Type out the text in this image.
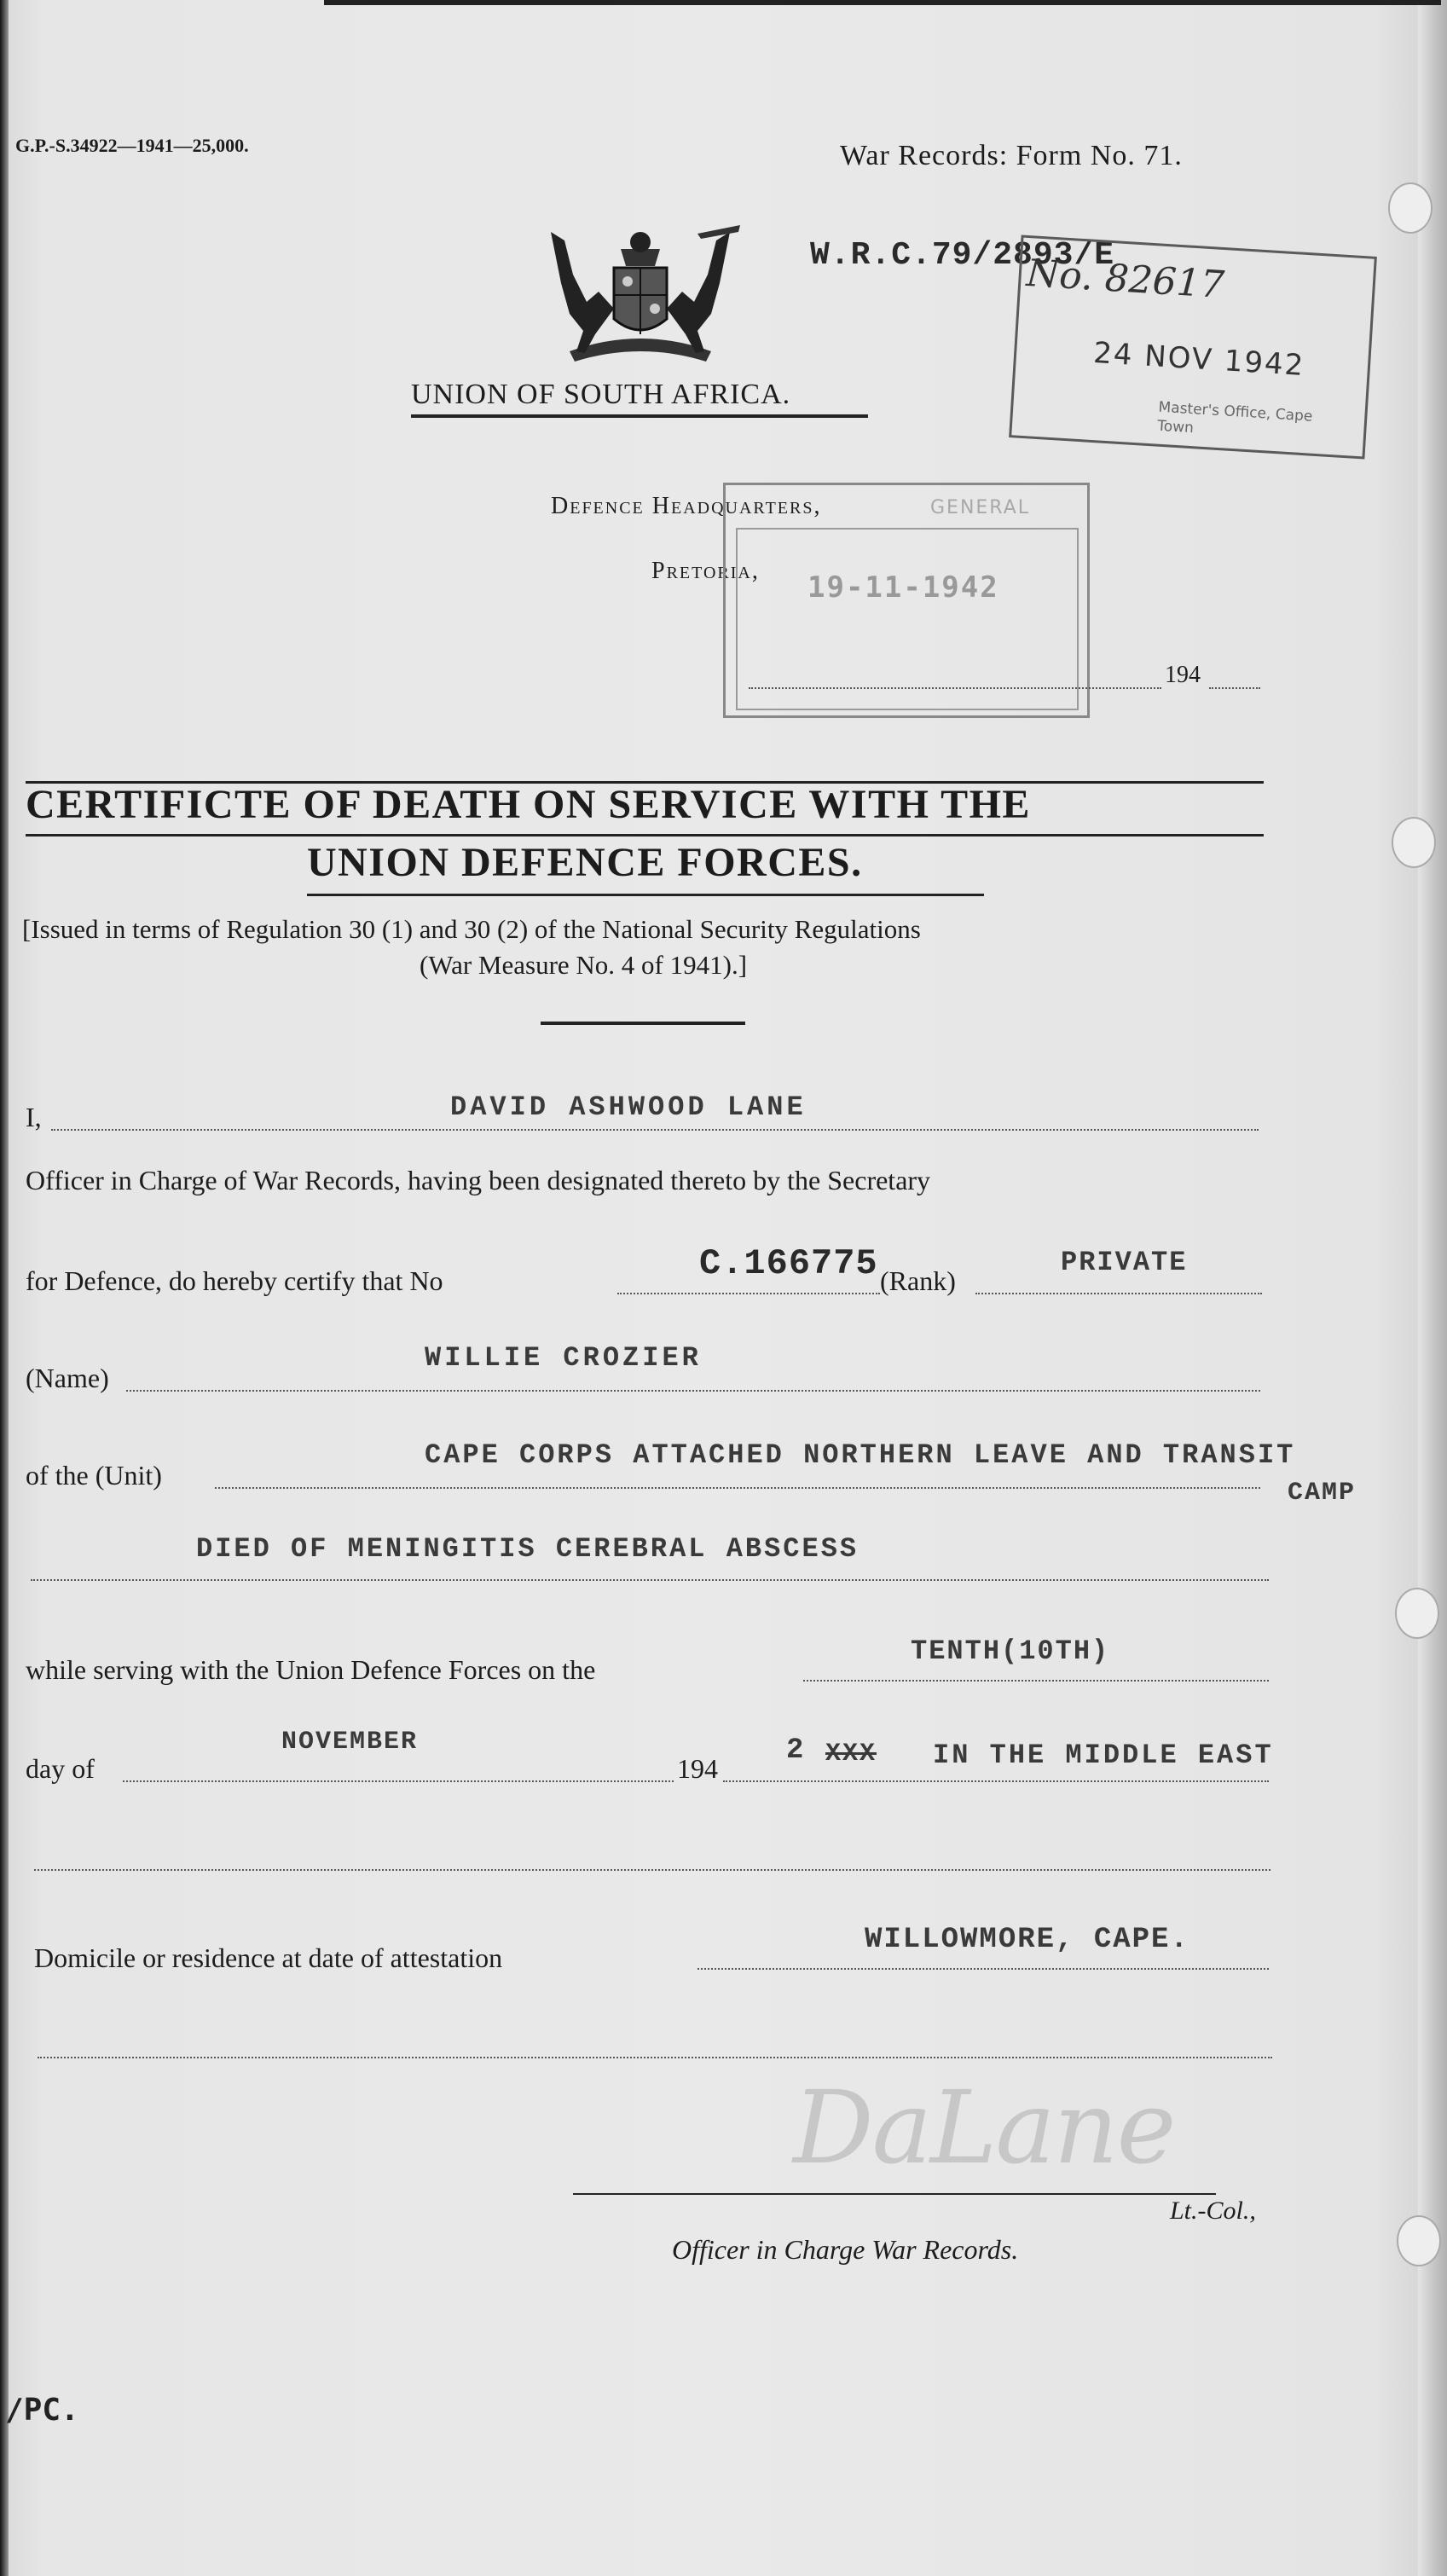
G.P.-S.34922—1941—25,000.	War Records: Form No. 71.
UNION OF SOUTH AFRICA.
W.R.C.79/2893/E
No. 82617
24 NOV 1942
Master's Office, Cape Town
Defence Headquarters,
Pretoria,
GENERAL
19-11-1942
194
CERTIFICTE OF DEATH ON SERVICE WITH THE
UNION DEFENCE FORCES.
[Issued in terms of Regulation 30 (1) and 30 (2) of the National Security Regulations
(War Measure No. 4 of 1941).]
I,	DAVID ASHWOOD LANE
Officer in Charge of War Records, having been designated thereto by the Secretary
for Defence, do hereby certify that No	C.166775 (Rank)
PRIVATE
(Name)
WILLIE CROZIER
of the (Unit)
CAPE CORPS ATTACHED NORTHERN LEAVE AND TRANSIT
CAMP
DIED OF MENINGITIS CEREBRAL ABSCESS
while serving with the Union Defence Forces on the
TENTH(10TH)
day of
NOVEMBER
194
2 XXX IN THE MIDDLE EAST
Domicile or residence at date of attestation
WILLOWMORE, CAPE.
DaLane
Lt.-Col.,
Officer in Charge War Records.
/PC.
